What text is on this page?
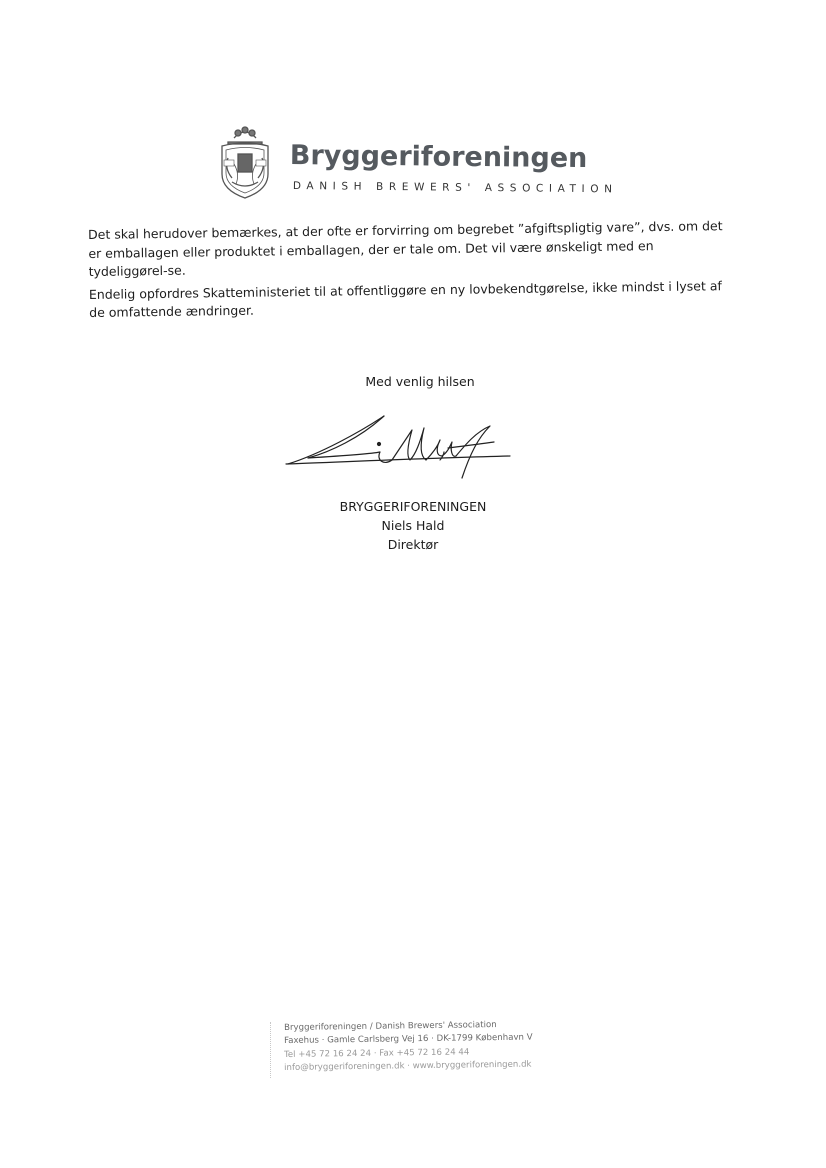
Bryggeriforeningen
DANISH BREWERS' ASSOCIATION

Det skal herudover bemærkes, at der ofte er forvirring om begrebet ”afgiftspligtig vare”, dvs. om det er emballagen eller produktet i emballagen, der er tale om. Det vil være ønskeligt med en tydeliggørel-se.

Endelig opfordres Skatteministeriet til at offentliggøre en ny lovbekendtgørelse, ikke mindst i lyset af de omfattende ændringer.

Med venlig hilsen
BRYGGERIFORENINGEN
Niels Hald
Direktør
Bryggeriforeningen / Danish Brewers' Association
Faxehus · Gamle Carlsberg Vej 16 · DK-1799 København V
Tel +45 72 16 24 24 · Fax +45 72 16 24 44
info@bryggeriforeningen.dk · www.bryggeriforeningen.dk
